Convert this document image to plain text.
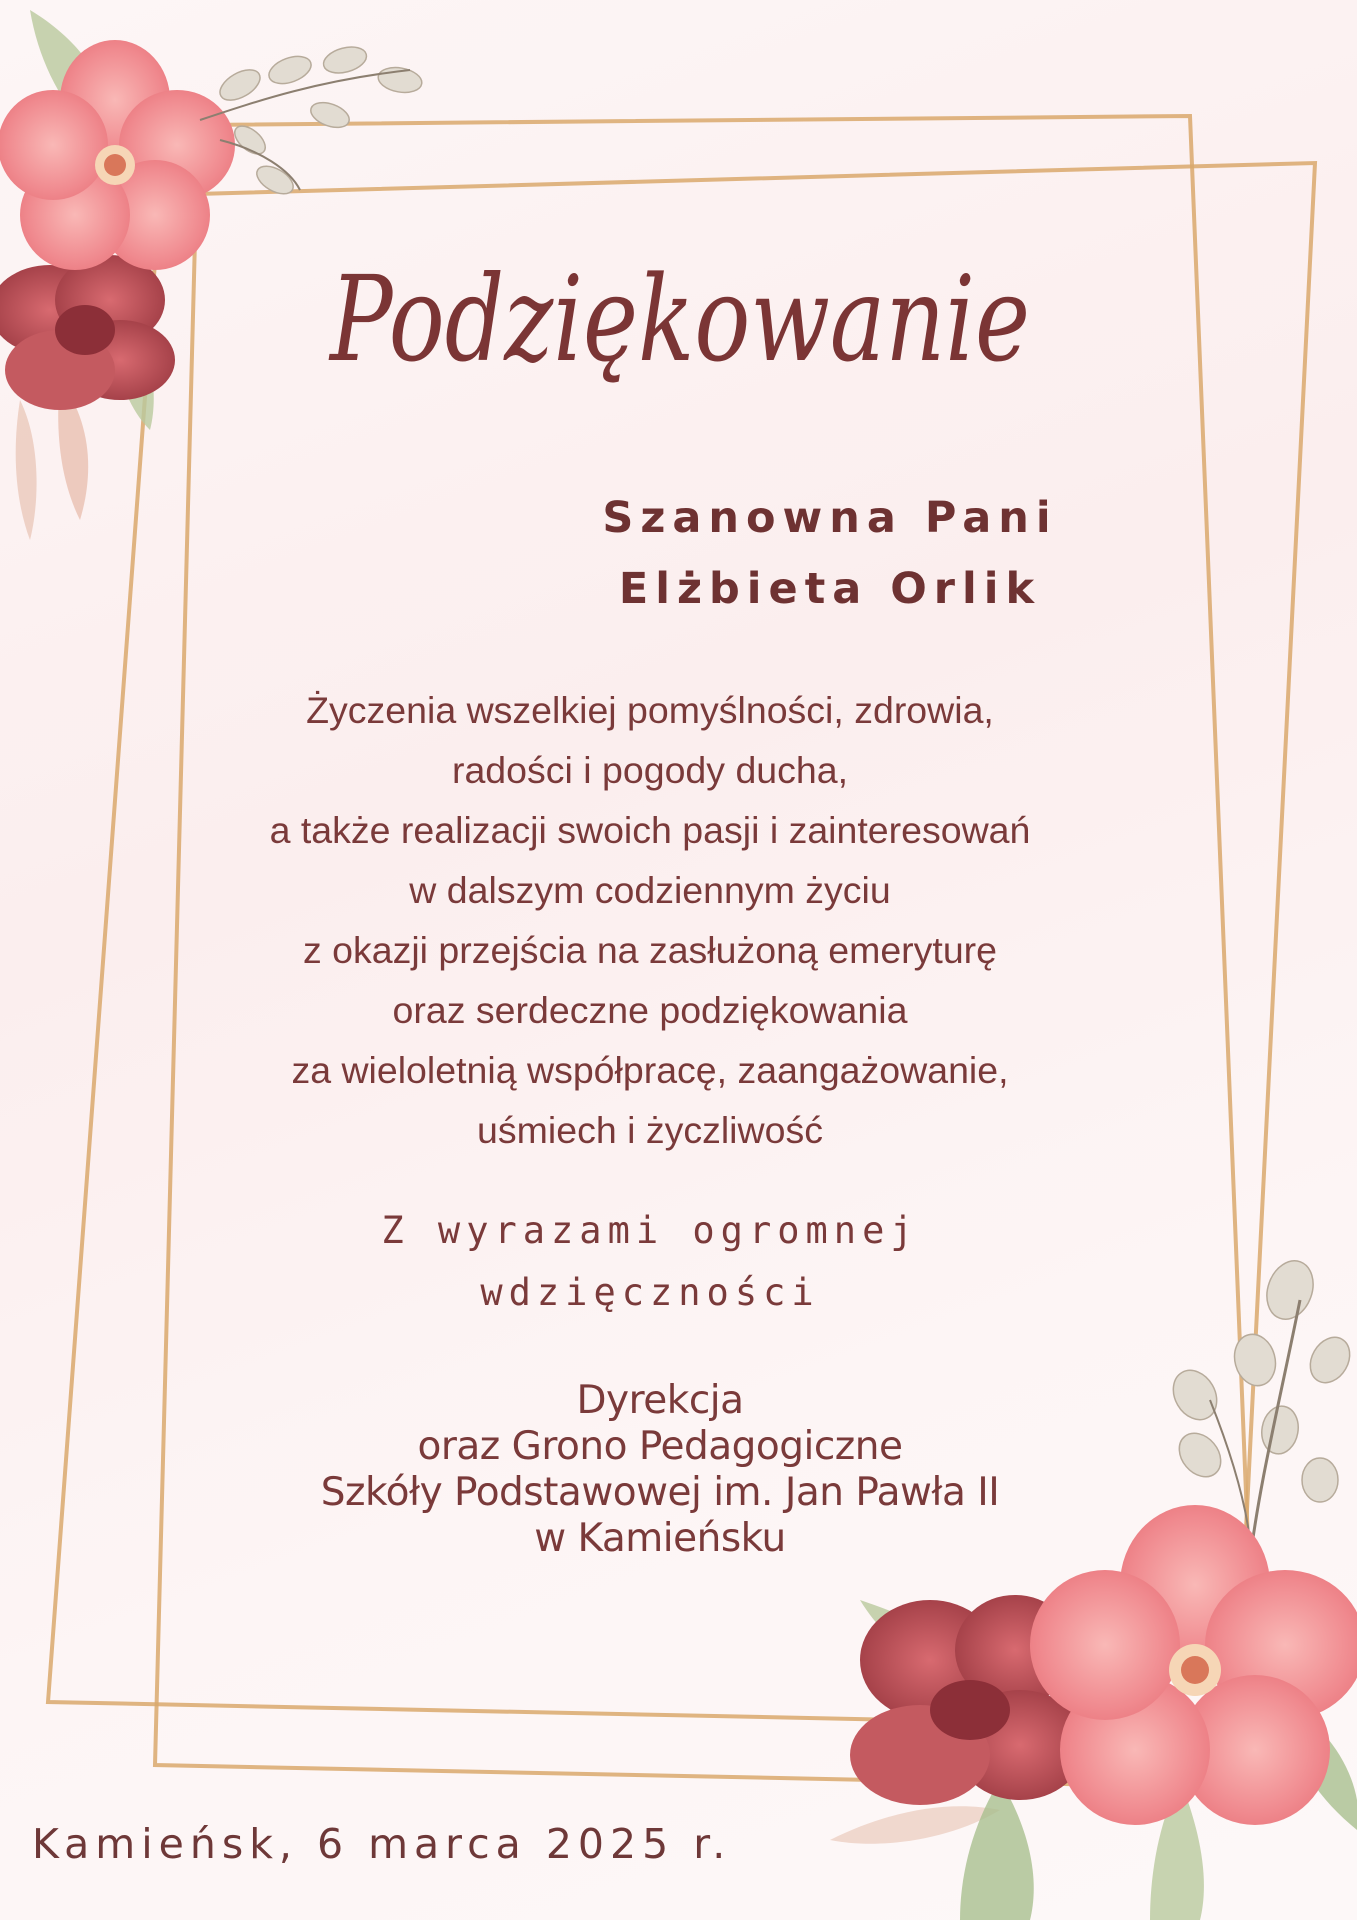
Podziękowanie
Szanowna Pani
Elżbieta Orlik
Życzenia wszelkiej pomyślności, zdrowia,
radości i pogody ducha,
a także realizacji swoich pasji i zainteresowań
w dalszym codziennym życiu
z okazji przejścia na zasłużoną emeryturę
oraz serdeczne podziękowania
za wieloletnią współpracę, zaangażowanie,
uśmiech i życzliwość
Z wyrazami ogromnej
wdzięczności
Dyrekcja
oraz Grono Pedagogiczne
Szkóły Podstawowej im. Jan Pawła II
w Kamieńsku
Kamieńsk, 6 marca 2025 r.
